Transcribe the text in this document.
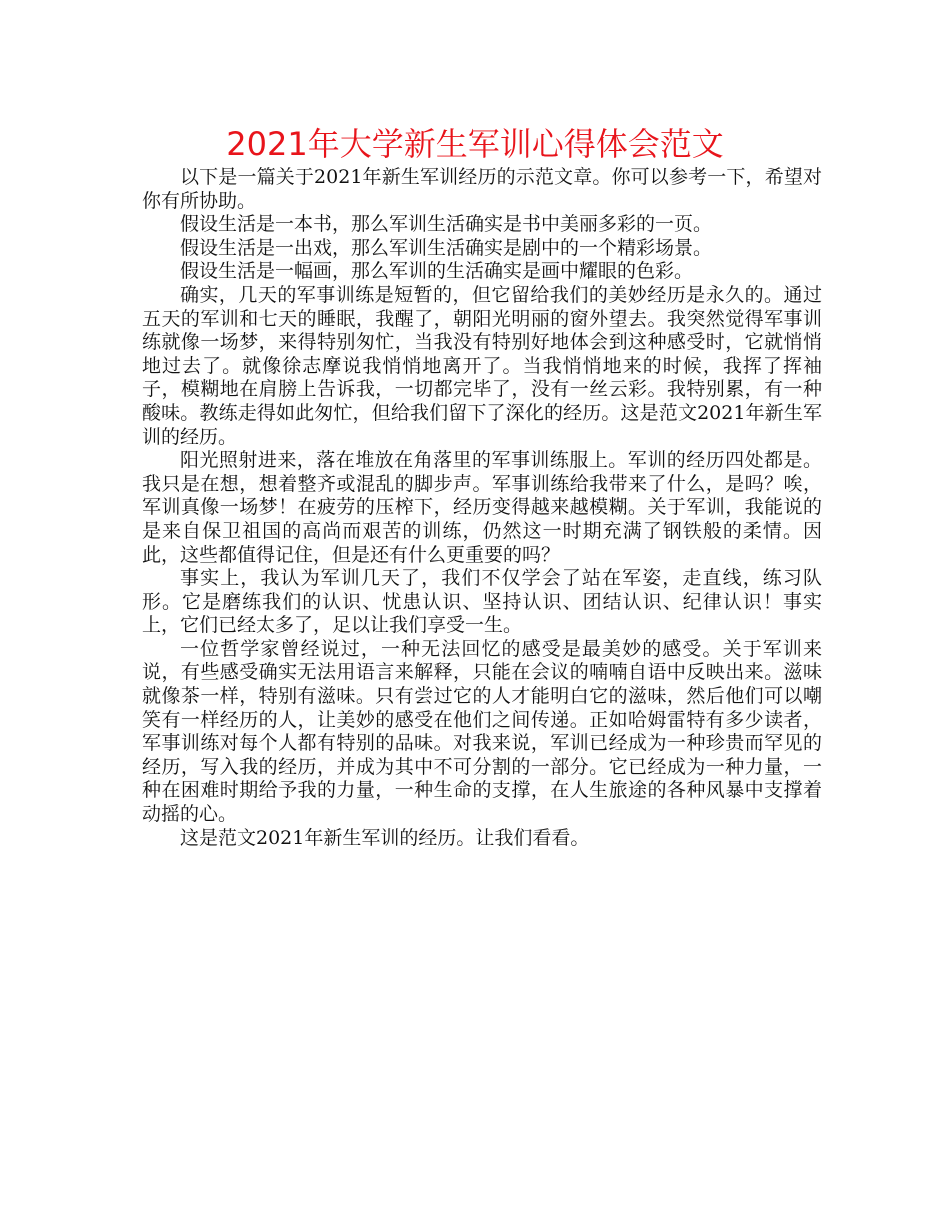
2021年大学新生军训心得体会范文

以下是一篇关于2021年新生军训经历的示范文章。你可以参考一下，希望对你有所协助。

假设生活是一本书，那么军训生活确实是书中美丽多彩的一页。

假设生活是一出戏，那么军训生活确实是剧中的一个精彩场景。

假设生活是一幅画，那么军训的生活确实是画中耀眼的色彩。

确实，几天的军事训练是短暂的，但它留给我们的美妙经历是永久的。通过五天的军训和七天的睡眠，我醒了，朝阳光明丽的窗外望去。我突然觉得军事训练就像一场梦，来得特别匆忙，当我没有特别好地体会到这种感受时，它就悄悄地过去了。就像徐志摩说我悄悄地离开了。当我悄悄地来的时候，我挥了挥袖子，模糊地在肩膀上告诉我，一切都完毕了，没有一丝云彩。我特别累，有一种酸味。教练走得如此匆忙，但给我们留下了深化的经历。这是范文2021年新生军训的经历。

阳光照射进来，落在堆放在角落里的军事训练服上。军训的经历四处都是。我只是在想，想着整齐或混乱的脚步声。军事训练给我带来了什么，是吗？唉，军训真像一场梦！在疲劳的压榨下，经历变得越来越模糊。关于军训，我能说的是来自保卫祖国的高尚而艰苦的训练，仍然这一时期充满了钢铁般的柔情。因此，这些都值得记住，但是还有什么更重要的吗？

事实上，我认为军训几天了，我们不仅学会了站在军姿，走直线，练习队形。它是磨练我们的认识、忧患认识、坚持认识、团结认识、纪律认识！事实上，它们已经太多了，足以让我们享受一生。

一位哲学家曾经说过，一种无法回忆的感受是最美妙的感受。关于军训来说，有些感受确实无法用语言来解释，只能在会议的喃喃自语中反映出来。滋味就像茶一样，特别有滋味。只有尝过它的人才能明白它的滋味，然后他们可以嘲笑有一样经历的人，让美妙的感受在他们之间传递。正如哈姆雷特有多少读者，军事训练对每个人都有特别的品味。对我来说，军训已经成为一种珍贵而罕见的经历，写入我的经历，并成为其中不可分割的一部分。它已经成为一种力量，一种在困难时期给予我的力量，一种生命的支撑，在人生旅途的各种风暴中支撑着动摇的心。

这是范文2021年新生军训的经历。让我们看看。
